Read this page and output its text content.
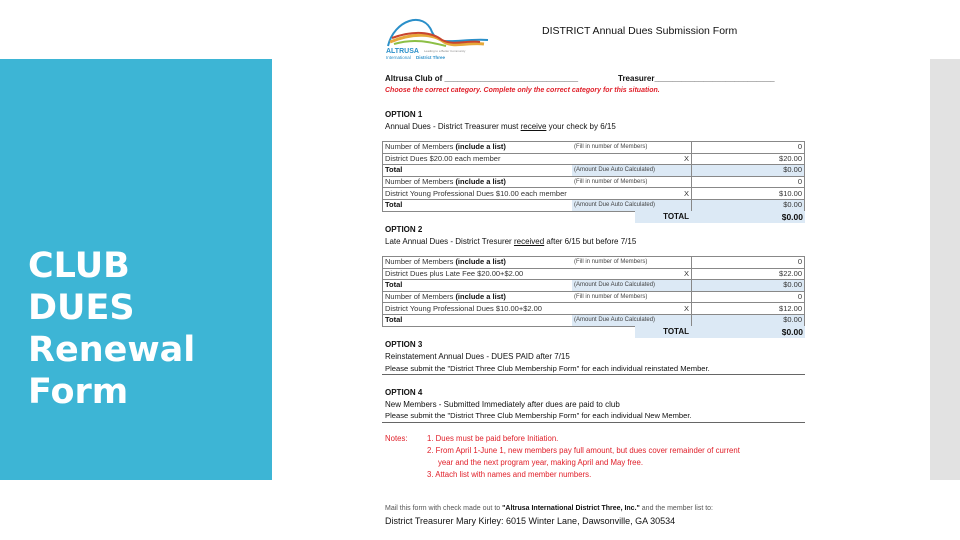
CLUB
DUES
Renewal
Form
ALTRUSA
International
Leading to a Better Community
District Three
DISTRICT Annual Dues Submission Form
Altrusa Club of ______________________________	Treasurer___________________________
Choose the correct category. Complete only the correct category for this situation.
OPTION 1
Annual Dues - District Treasurer must receive your check by 6/15
Number of Members (include a list)	(Fill in number of Members)		0
District Dues $20.00 each member		X	$20.00
Total	(Amount Due Auto Calculated)		$0.00
Number of Members (include a list)	(Fill in number of Members)		0
District Young Professional Dues $10.00 each member		X	$10.00
Total	(Amount Due Auto Calculated)		$0.00
TOTAL	$0.00
OPTION 2
Late Annual Dues - District Tresurer received after 6/15 but before 7/15
Number of Members (include a list)	(Fill in number of Members)		0
District Dues plus Late Fee $20.00+$2.00		X	$22.00
Total	(Amount Due Auto Calculated)		$0.00
Number of Members (include a list)	(Fill in number of Members)		0
District Young Professional Dues $10.00+$2.00		X	$12.00
Total	(Amount Due Auto Calculated)		$0.00
TOTAL	$0.00
OPTION 3
Reinstatement Annual Dues - DUES PAID after 7/15
Please submit the "District Three Club Membership Form" for each individual reinstated Member.
OPTION 4
New Members - Submitted Immediately after dues are paid to club
Please submit the "District Three Club Membership Form" for each individual New Member.
Notes: 1. Dues must be paid before Initiation.
2. From April 1-June 1, new members pay full amount, but dues cover remainder of current
year and the next program year, making April and May free.
3. Attach list with names and member numbers.
Mail this form with check made out to "Altrusa International District Three, Inc." and the member list to:
District Treasurer Mary Kirley: 6015 Winter Lane, Dawsonville, GA 30534
